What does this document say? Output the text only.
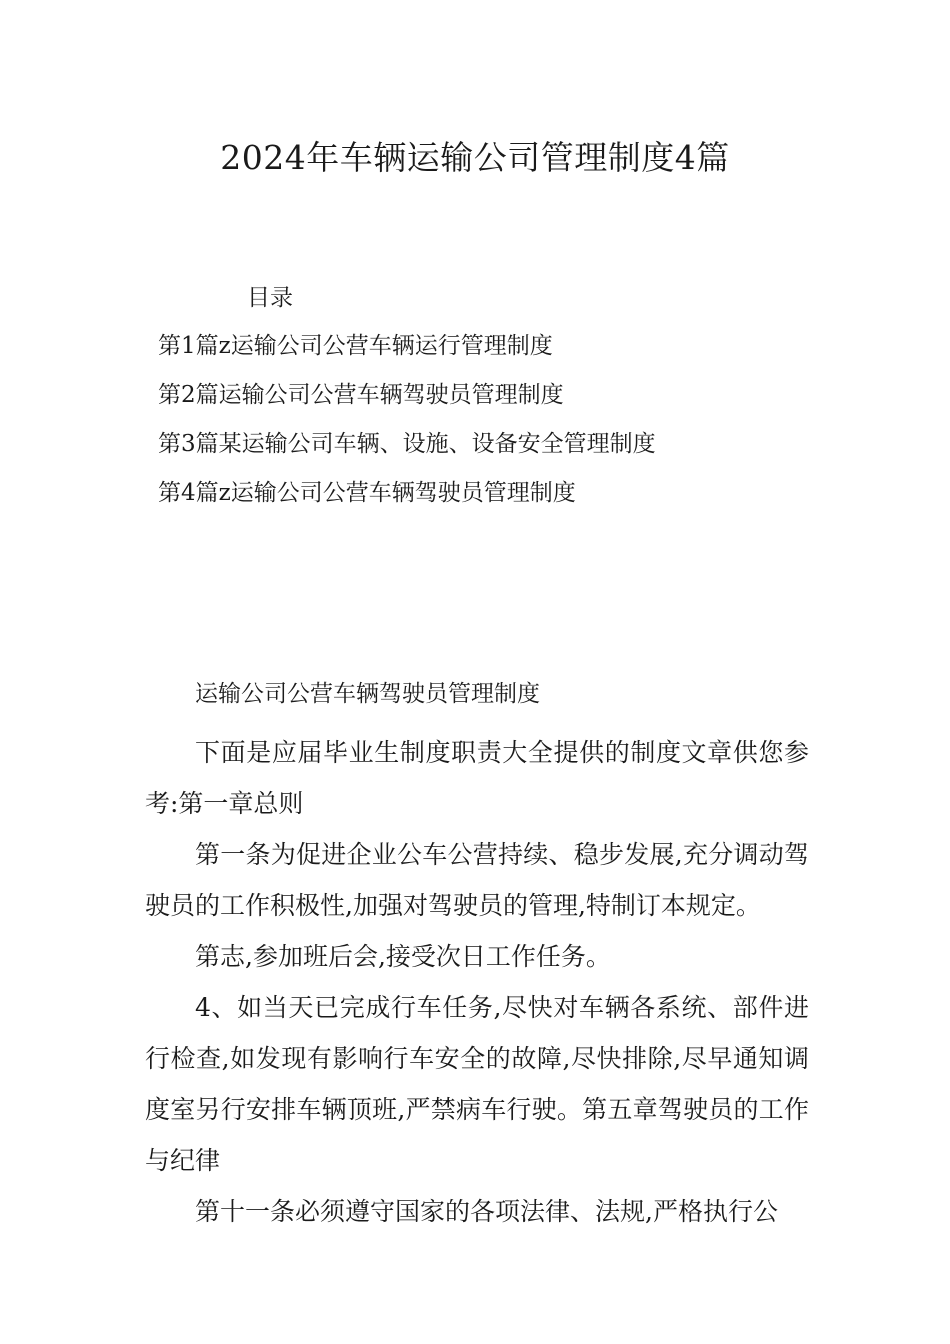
2024年车辆运输公司管理制度4篇
目录
第1篇z运输公司公营车辆运行管理制度
第2篇运输公司公营车辆驾驶员管理制度
第3篇某运输公司车辆、设施、设备安全管理制度
第4篇z运输公司公营车辆驾驶员管理制度

运输公司公营车辆驾驶员管理制度

下面是应届毕业生制度职责大全提供的制度文章供您参考:第一章总则

第一条为促进企业公车公营持续、稳步发展,充分调动驾驶员的工作积极性,加强对驾驶员的管理,特制订本规定。

第志,参加班后会,接受次日工作任务。

4、如当天已完成行车任务,尽快对车辆各系统、部件进行检查,如发现有影响行车安全的故障,尽快排除,尽早通知调度室另行安排车辆顶班,严禁病车行驶。第五章驾驶员的工作与纪律

第十一条必须遵守国家的各项法律、法规,严格执行公
